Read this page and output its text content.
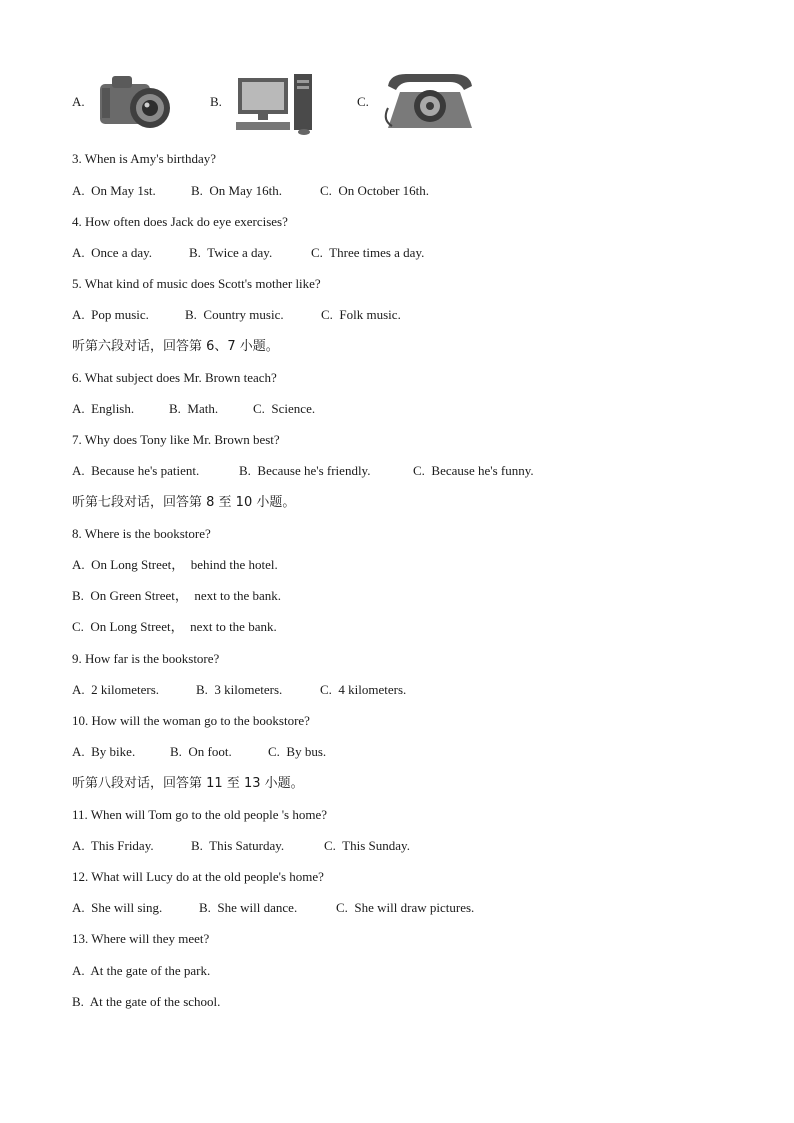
A.	B.	C.
3. When is Amy's birthday?
A.  On May 1st.	B.  On May 16th.	C.  On October 16th.
4. How often does Jack do eye exercises?
A.  Once a day.	B.  Twice a day.	C.  Three times a day.
5. What kind of music does Scott's mother like?
A.  Pop music.	B.  Country music.	C.  Folk music.
听第六段对话，回答第 6、7 小题。
6. What subject does Mr. Brown teach?
A.  English.	B.  Math.	C.  Science.
7. Why does Tony like Mr. Brown best?
A.  Because he's patient.	B.  Because he's friendly.	C.  Because he's funny.
听第七段对话，回答第 8 至 10 小题。
8. Where is the bookstore?
A.  On Long Street，  behind the hotel.
B.  On Green Street，  next to the bank.
C.  On Long Street，  next to the bank.
9. How far is the bookstore?
A.  2 kilometers.	B.  3 kilometers.	C.  4 kilometers.
10. How will the woman go to the bookstore?
A.  By bike.	B.  On foot.	C.  By bus.
听第八段对话，回答第 11 至 13 小题。
11. When will Tom go to the old people 's home?
A.  This Friday.	B.  This Saturday.	C.  This Sunday.
12. What will Lucy do at the old people's home?
A.  She will sing.	B.  She will dance.	C.  She will draw pictures.
13. Where will they meet?
A.  At the gate of the park.
B.  At the gate of the school.
